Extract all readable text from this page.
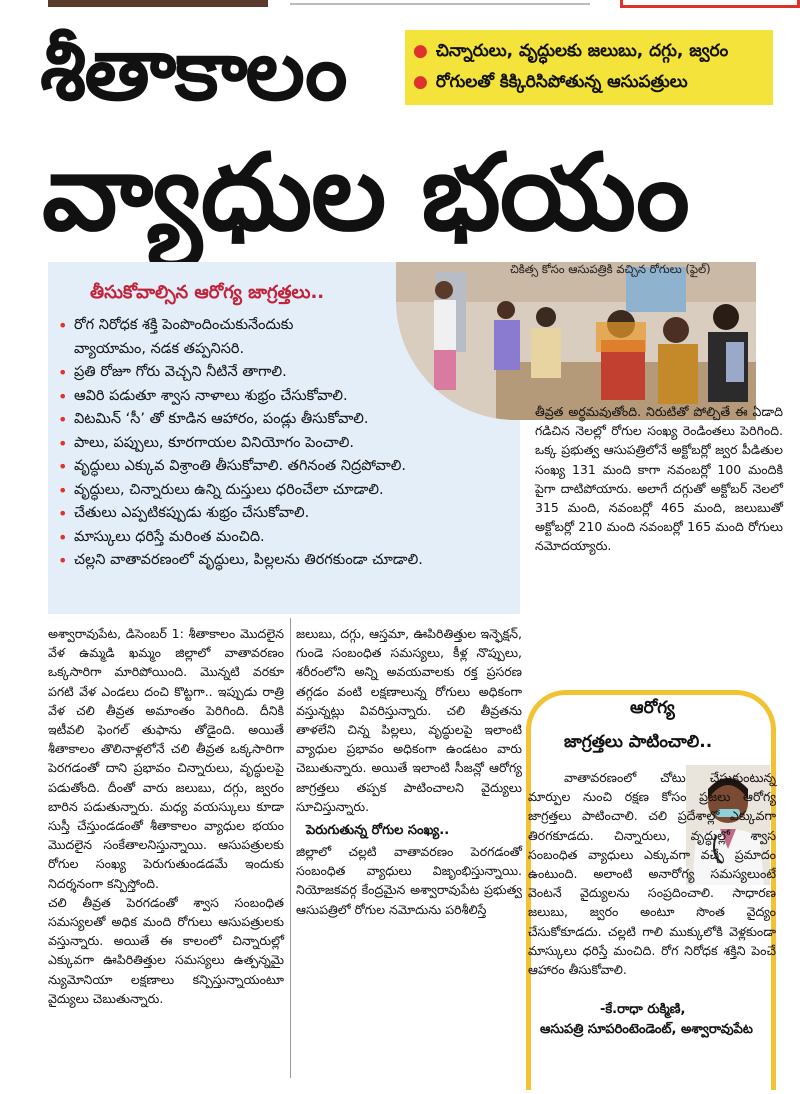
శీతాకాలం
వ్యాధుల భయం
● చిన్నారులు, వృద్ధులకు జలుబు, దగ్గు, జ్వరం
● రోగులతో కిక్కిరిసిపోతున్న ఆసుపత్రులు
తీసుకోవాల్సిన ఆరోగ్య జాగ్రత్తలు..
• రోగ నిరోధక శక్తి పెంపొందించుకునేందుకు
వ్యాయామం, నడక తప్పనిసరి.
• ప్రతి రోజూ గోరు వెచ్చని నీటినే తాగాలి.
• ఆవిరి పడుతూ శ్వాస నాళాలు శుభ్రం చేసుకోవాలి.
• విటమిన్ ‘సీ’ తో కూడిన ఆహారం, పండ్లు తీసుకోవాలి.
• పాలు, పప్పులు, కూరగాయల వినియోగం పెంచాలి.
• వృద్ధులు ఎక్కువ విశ్రాంతి తీసుకోవాలి. తగినంత నిద్రపోవాలి.
• వృద్ధులు, చిన్నారులు ఉన్ని దుస్తులు ధరించేలా చూడాలి.
• చేతులు ఎప్పటికప్పుడు శుభ్రం చేసుకోవాలి.
• మాస్కులు ధరిస్తే మరింత మంచిది.
• చల్లని వాతావరణంలో వృద్ధులు, పిల్లలను తిరగకుండా చూడాలి.
చికిత్స కోసం ఆసుపత్రికి వచ్చిన రోగులు (ఫైల్)

అశ్వారావుపేట, డిసెంబర్ 1: శీతాకాలం మొదలైన వేళ ఉమ్మడి ఖమ్మం జిల్లాలో వాతావరణం ఒక్కసారిగా మారిపోయింది. మొన్నటి వరకూ పగటి వేళ ఎండలు దంచి కొట్టగా.. ఇప్పుడు రాత్రి వేళ చలి తీవ్రత అమాంతం పెరిగింది. దీనికి ఇటీవలి ఫెంగల్ తుఫాను తోడైంది. అయితే శీతాకాలం తొలినాళ్లలోనే చలి తీవ్రత ఒక్కసారిగా పెరగడంతో దాని ప్రభావం చిన్నారులు, వృద్ధులపై పడుతోంది. దీంతో వారు జలుబు, దగ్గు, జ్వరం బారిన పడుతున్నారు. మధ్య వయస్కులు కూడా సుస్తీ చేస్తుండడంతో శీతాకాలం వ్యాధుల భయం మొదలైన సంకేతాలనిస్తున్నాయి. ఆసుపత్రులకు రోగుల సంఖ్య పెరుగుతుండడమే ఇందుకు నిదర్శనంగా కన్పిస్తోంది.

చలి తీవ్రత పెరగడంతో శ్వాస సంబంధిత సమస్యలతో అధిక మంది రోగులు ఆసుపత్రులకు వస్తున్నారు. అయితే ఈ కాలంలో చిన్నారుల్లో ఎక్కువగా ఊపిరితిత్తుల సమస్యలు ఉత్పన్నమై న్యుమోనియా లక్షణాలు కన్పిస్తున్నాయంటూ వైద్యులు చెబుతున్నారు.

జలుబు, దగ్గు, ఆస్తమా, ఊపిరితిత్తుల ఇన్ఫెక్షన్, గుండె సంబంధిత సమస్యలు, కీళ్ల నొప్పులు, శరీరంలోని అన్ని అవయవాలకు రక్త ప్రసరణ తగ్గడం వంటి లక్షణాలున్న రోగులు అధికంగా వస్తున్నట్లు వివరిస్తున్నారు. చలి తీవ్రతను తాళలేని చిన్న పిల్లలు, వృద్ధులపై ఇలాంటి వ్యాధుల ప్రభావం అధికంగా ఉండటం వారు చెబుతున్నారు. అయితే ఇలాంటి సీజన్లో ఆరోగ్య జాగ్రత్తలు తప్పక పాటించాలని వైద్యులు సూచిస్తున్నారు.

పెరుగుతున్న రోగుల సంఖ్య..

జిల్లాలో చల్లటి వాతావరణం పెరగడంతో సంబంధిత వ్యాధులు విజృంభిస్తున్నాయి. నియోజకవర్గ కేంద్రమైన అశ్వారావుపేట ప్రభుత్వ ఆసుపత్రిలో రోగుల నమోదును పరిశీలిస్తే

తీవ్రత అర్థమవుతోంది. నిరుటితో పోల్చితే ఈ ఏడాది గడిచిన నెలల్లో రోగుల సంఖ్య రెండింతలు పెరిగింది. ఒక్క ప్రభుత్వ ఆసుపత్రిలోనే అక్టోబర్లో జ్వర పీడితుల సంఖ్య 131 మంది కాగా నవంబర్లో 100 మందికి పైగా దాటిపోయారు. అలాగే దగ్గుతో అక్టోబర్ నెలలో 315 మంది, నవంబర్లో 465 మంది, జలుబుతో అక్టోబర్లో 210 మంది నవంబర్లో 165 మంది రోగులు నమోదయ్యారు.

ఆరోగ్య
జాగ్రత్తలు పాటించాలి..
వాతావరణంలో చోటు చేసుకుంటున్న మార్పుల నుంచి రక్షణ కోసం ప్రజలు ఆరోగ్య జాగ్రత్తలు పాటించాలి. చలి ప్రదేశాల్లో ఎక్కువగా తిరగకూడదు. చిన్నారులు, వృద్ధుల్లో శ్వాస సంబంధిత వ్యాధులు ఎక్కువగా వచ్చే ప్రమాదం ఉంటుంది. అలాంటి అనారోగ్య సమస్యలుంటే వెంటనే వైద్యులను సంప్రదించాలి. సాధారణ జలుబు, జ్వరం అంటూ సొంత వైద్యం చేసుకోకూడదు. చల్లటి గాలి ముక్కులోకి వెళ్లకుండా మాస్కులు ధరిస్తే మంచిది. రోగ నిరోధక శక్తిని పెంచే ఆహారం తీసుకోవాలి.
-కే.రాధా రుక్మిణి,
ఆసుపత్రి సూపరింటెండెంట్, అశ్వారావుపేట
